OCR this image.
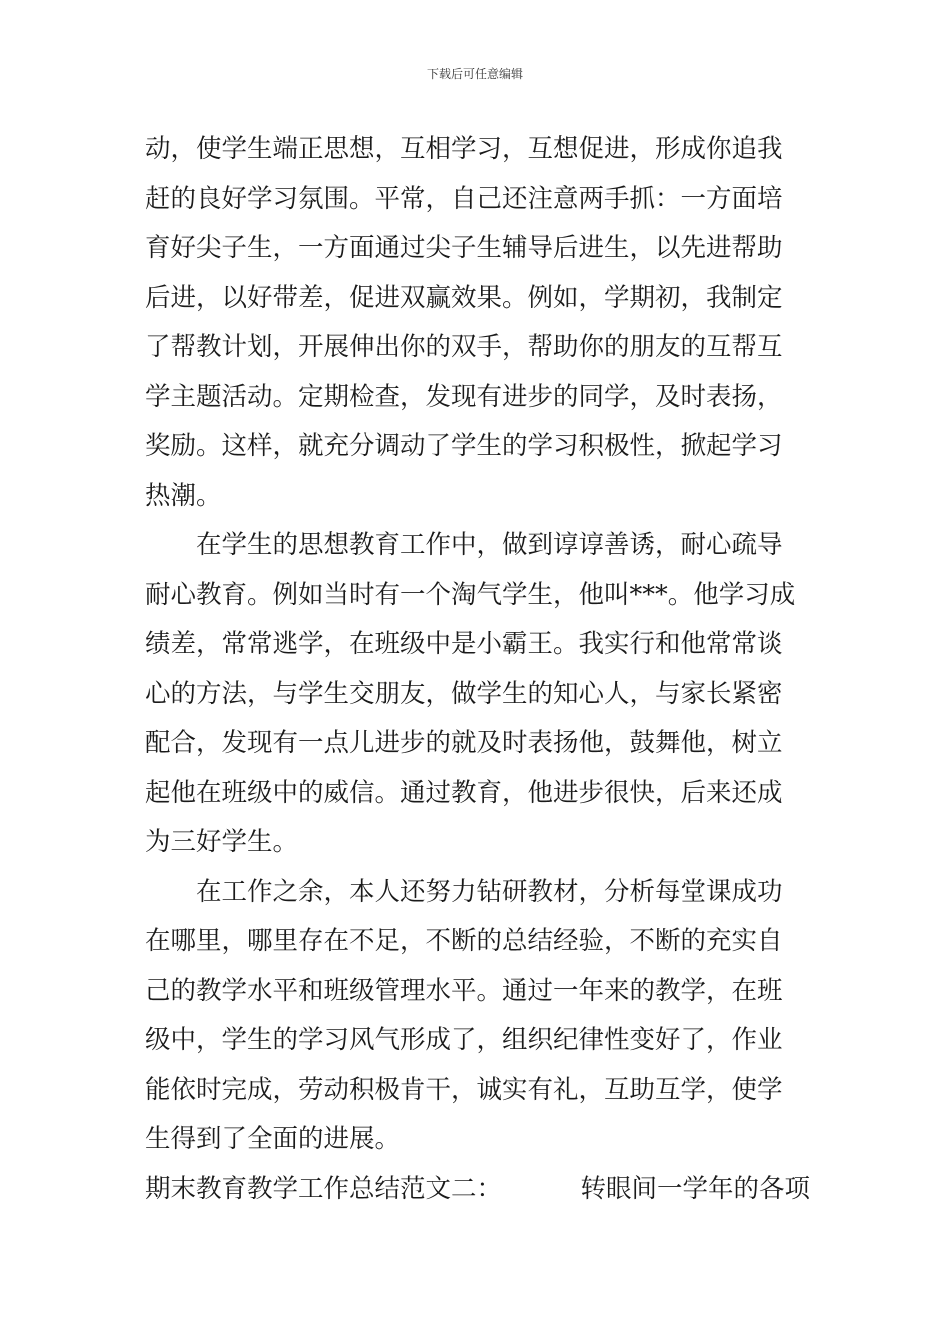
下载后可任意编辑
动，使学生端正思想，互相学习，互想促进，形成你追我
赶的良好学习氛围。平常，自己还注意两手抓：一方面培
育好尖子生，一方面通过尖子生辅导后进生，以先进帮助
后进，以好带差，促进双赢效果。例如，学期初，我制定
了帮教计划，开展伸出你的双手，帮助你的朋友的互帮互
学主题活动。定期检查，发现有进步的同学，及时表扬，
奖励。这样，就充分调动了学生的学习积极性，掀起学习
热潮。
　　在学生的思想教育工作中，做到谆谆善诱，耐心疏导
耐心教育。例如当时有一个淘气学生，他叫***。他学习成
绩差，常常逃学，在班级中是小霸王。我实行和他常常谈
心的方法，与学生交朋友，做学生的知心人，与家长紧密
配合，发现有一点儿进步的就及时表扬他，鼓舞他，树立
起他在班级中的威信。通过教育，他进步很快，后来还成
为三好学生。
　　在工作之余，本人还努力钻研教材，分析每堂课成功
在哪里，哪里存在不足，不断的总结经验，不断的充实自
己的教学水平和班级管理水平。通过一年来的教学，在班
级中，学生的学习风气形成了，组织纪律性变好了，作业
能依时完成，劳动积极肯干，诚实有礼，互助互学，使学
生得到了全面的进展。
期末教育教学工作总结范文二：	转眼间一学年的各项
